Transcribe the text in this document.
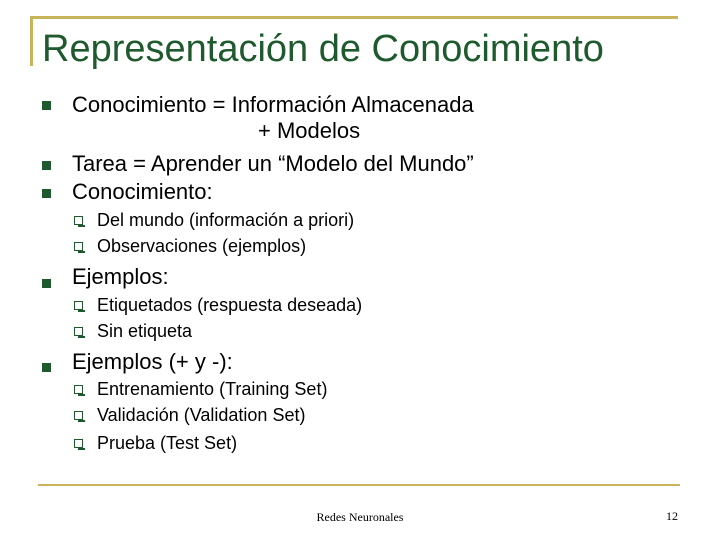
Representación de Conocimiento
Conocimiento = Información Almacenada
+ Modelos
Tarea = Aprender un “Modelo del Mundo”
Conocimiento:
Del mundo (información a priori)
Observaciones (ejemplos)
Ejemplos:
Etiquetados (respuesta deseada)
Sin etiqueta
Ejemplos (+ y -):
Entrenamiento (Training Set)
Validación (Validation Set)
Prueba (Test Set)
Redes Neuronales	12
